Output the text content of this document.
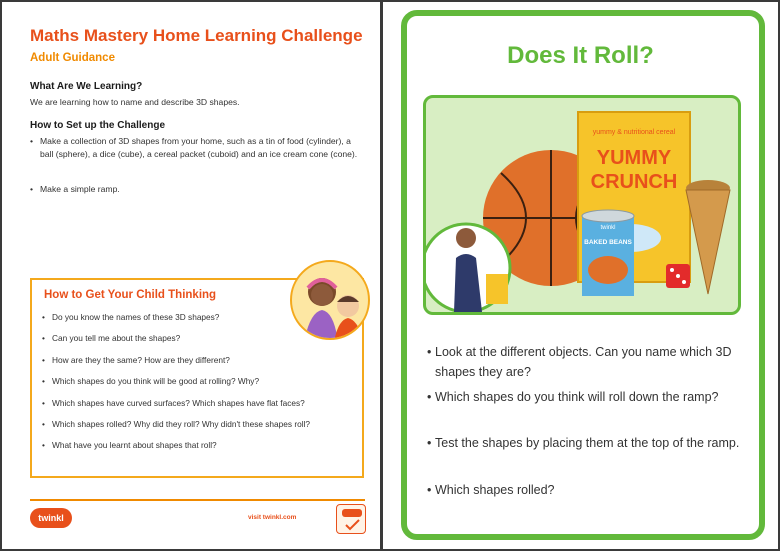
Maths Mastery Home Learning Challenge
Adult Guidance
What Are We Learning?
We are learning how to name and describe 3D shapes.
How to Set up the Challenge
• Make a collection of 3D shapes from your home, such as a tin of food (cylinder), a ball (sphere), a dice (cube), a cereal packet (cuboid) and an ice cream cone (cone).
• Make a simple ramp.
How to Get Your Child Thinking
• Do you know the names of these 3D shapes?
• Can you tell me about the shapes?
• How are they the same? How are they different?
• Which shapes do you think will be good at rolling? Why?
• Which shapes have curved surfaces? Which shapes have flat faces?
• Which shapes rolled? Why did they roll? Why didn't these shapes roll?
• What have you learnt about shapes that roll?
twinkl	visit twinkl.com
Does It Roll?
yummy & nutritional cereal
YUMMY
CRUNCH
twinkl
BAKED BEANS
• Look at the different objects. Can you name which 3D shapes they are?
• Which shapes do you think will roll down the ramp?
• Test the shapes by placing them at the top of the ramp.
• Which shapes rolled?
